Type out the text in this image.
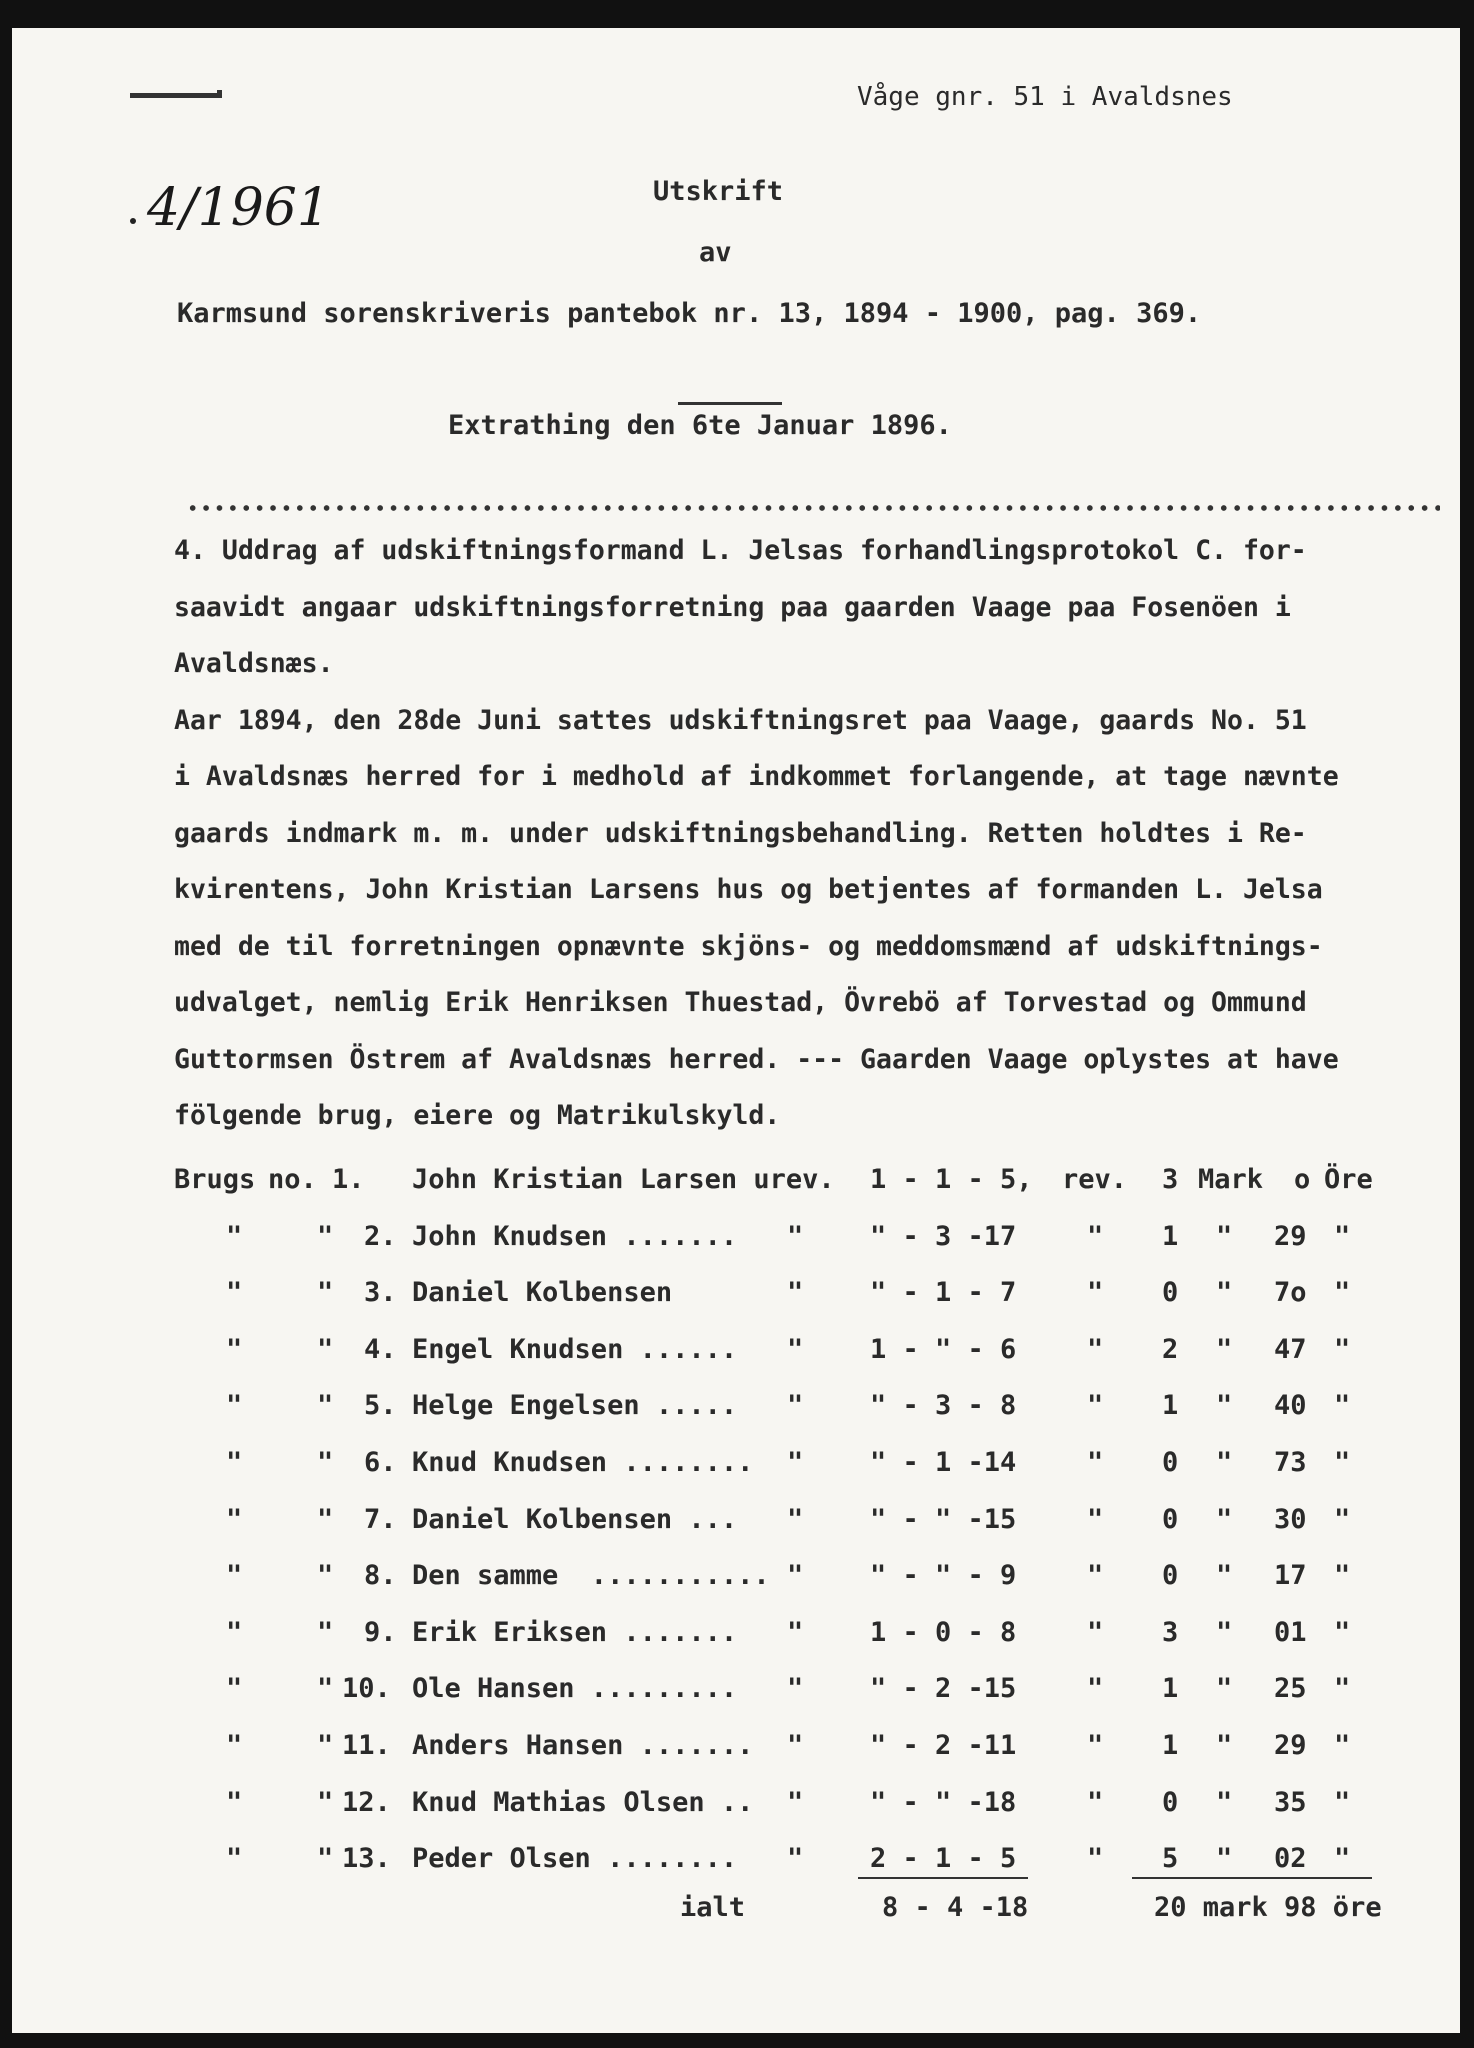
Våge gnr. 51 i Avaldsnes

4/1961	Utskrift

av

Karmsund sorenskriveris pantebok nr. 13, 1894 - 1900, pag. 369.

Extrathing den 6te Januar 1896.

4. Uddrag af udskiftningsformand L. Jelsas forhandlingsprotokol C. for-

saavidt angaar udskiftningsforretning paa gaarden Vaage paa Fosenöen i

Avaldsnæs.

Aar 1894, den 28de Juni sattes udskiftningsret paa Vaage, gaards No. 51

i Avaldsnæs herred for i medhold af indkommet forlangende, at tage nævnte

gaards indmark m. m. under udskiftningsbehandling. Retten holdtes i Re-

kvirentens, John Kristian Larsens hus og betjentes af formanden L. Jelsa

med de til forretningen opnævnte skjöns- og meddomsmænd af udskiftnings-

udvalget, nemlig Erik Henriksen Thuestad, Övrebö af Torvestad og Ommund

Guttormsen Östrem af Avaldsnæs herred. --- Gaarden Vaage oplystes at have

fölgende brug, eiere og Matrikulskyld.

Brugs no. 1. John Kristian Larsen urev. 1 - 1 - 5, rev. 3 Mark o Öre

"	" 2. John Knudsen ....... " " - 3 -17	" 1 " 29 "

"	" 3. Daniel Kolbensen	" " - 1 - 7	" 0 " 7o "

"	" 4. Engel Knudsen ...... " 1 - " - 6	" 2 " 47 "

"	" 5. Helge Engelsen ..... " " - 3 - 8	" 1 " 40 "

"	" 6. Knud Knudsen ........ " " - 1 -14	" 0 " 73 "

"	" 7. Daniel Kolbensen ... " " - " -15	" 0 " 30 "

"	" 8. Den samme  ........... " " - " - 9	" 0 " 17 "

"	" 9. Erik Eriksen ....... " 1 - 0 - 8	" 3 " 01 "

"	" 10. Ole Hansen ......... " " - 2 -15	" 1 " 25 "

"	" 11. Anders Hansen ....... " " - 2 -11	" 1 " 29 "

"	" 12. Knud Mathias Olsen .. " " - " -18	" 0 " 35 "

"	" 13. Peder Olsen ........ " 2 - 1 - 5	" 5 " 02 "

ialt	8 - 4 -18	20 mark 98 öre
